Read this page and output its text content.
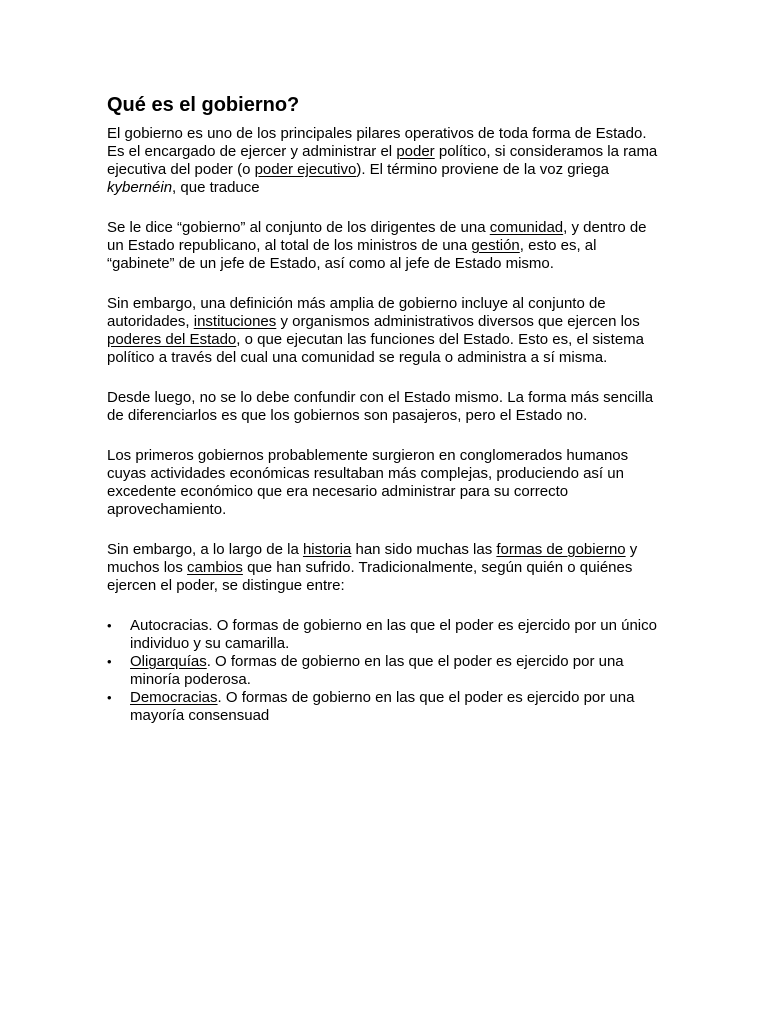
Qué es el gobierno?

El gobierno es uno de los principales pilares operativos de toda forma de Estado. Es el encargado de ejercer y administrar el poder político, si consideramos la rama ejecutiva del poder (o poder ejecutivo). El término proviene de la voz griega kybernéin, que traduce

Se le dice “gobierno” al conjunto de los dirigentes de una comunidad, y dentro de un Estado republicano, al total de los ministros de una gestión, esto es, al “gabinete” de un jefe de Estado, así como al jefe de Estado mismo.

Sin embargo, una definición más amplia de gobierno incluye al conjunto de autoridades, instituciones y organismos administrativos diversos que ejercen los poderes del Estado, o que ejecutan las funciones del Estado. Esto es, el sistema político a través del cual una comunidad se regula o administra a sí misma.

Desde luego, no se lo debe confundir con el Estado mismo. La forma más sencilla de diferenciarlos es que los gobiernos son pasajeros, pero el Estado no.

Los primeros gobiernos probablemente surgieron en conglomerados humanos cuyas actividades económicas resultaban más complejas, produciendo así un excedente económico que era necesario administrar para su correcto aprovechamiento.

Sin embargo, a lo largo de la historia han sido muchas las formas de gobierno y muchos los cambios que han sufrido. Tradicionalmente, según quién o quiénes ejercen el poder, se distingue entre:

• Autocracias. O formas de gobierno en las que el poder es ejercido por un único individuo y su camarilla.
• Oligarquías. O formas de gobierno en las que el poder es ejercido por una minoría poderosa.
• Democracias. O formas de gobierno en las que el poder es ejercido por una mayoría consensuad
